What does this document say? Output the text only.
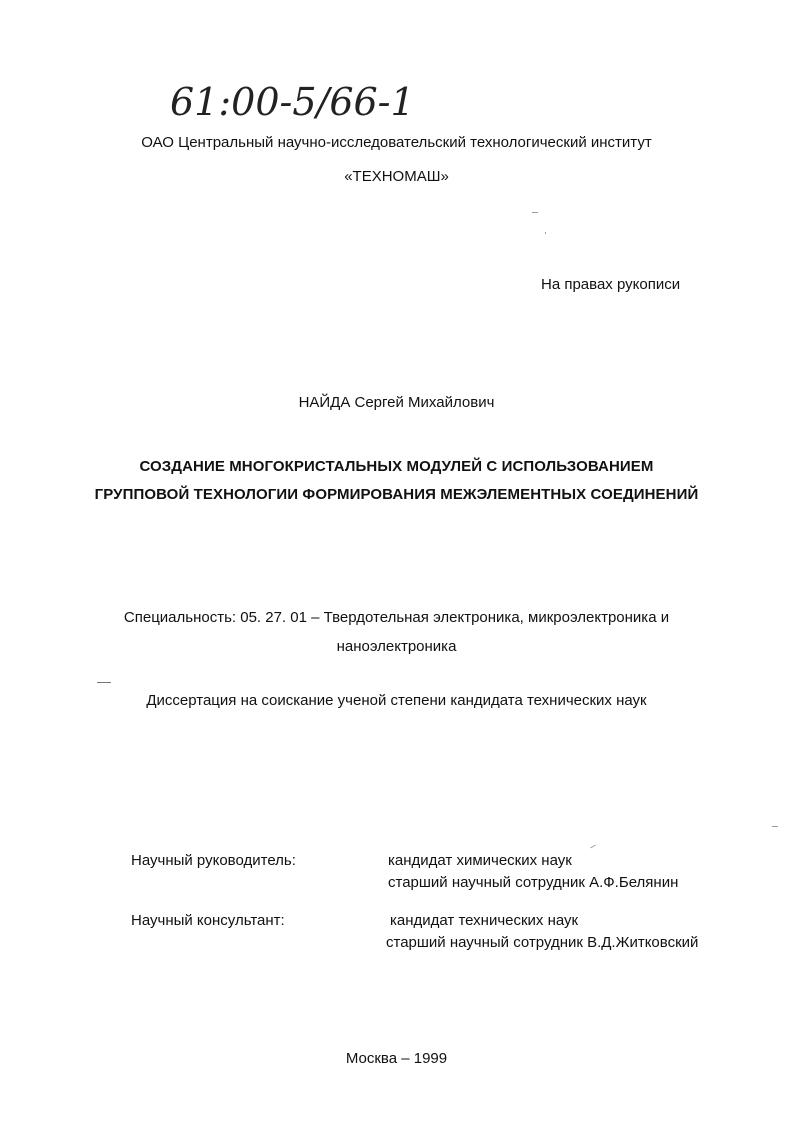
61:00-5/66-1
ОАО Центральный научно-исследовательский технологический институт
«ТЕХНОМАШ»
На правах рукописи
НАЙДА Сергей Михайлович
СОЗДАНИЕ МНОГОКРИСТАЛЬНЫХ МОДУЛЕЙ С ИСПОЛЬЗОВАНИЕМ
ГРУППОВОЙ ТЕХНОЛОГИИ ФОРМИРОВАНИЯ МЕЖЭЛЕМЕНТНЫХ СОЕДИНЕНИЙ
Специальность: 05. 27. 01 – Твердотельная электроника, микроэлектроника и
наноэлектроника
Диссертация на соискание ученой степени кандидата технических наук
Научный руководитель:	кандидат химических наук
старший научный сотрудник А.Ф.Белянин
Научный консультант:	кандидат технических наук
старший научный сотрудник В.Д.Житковский
Москва – 1999
